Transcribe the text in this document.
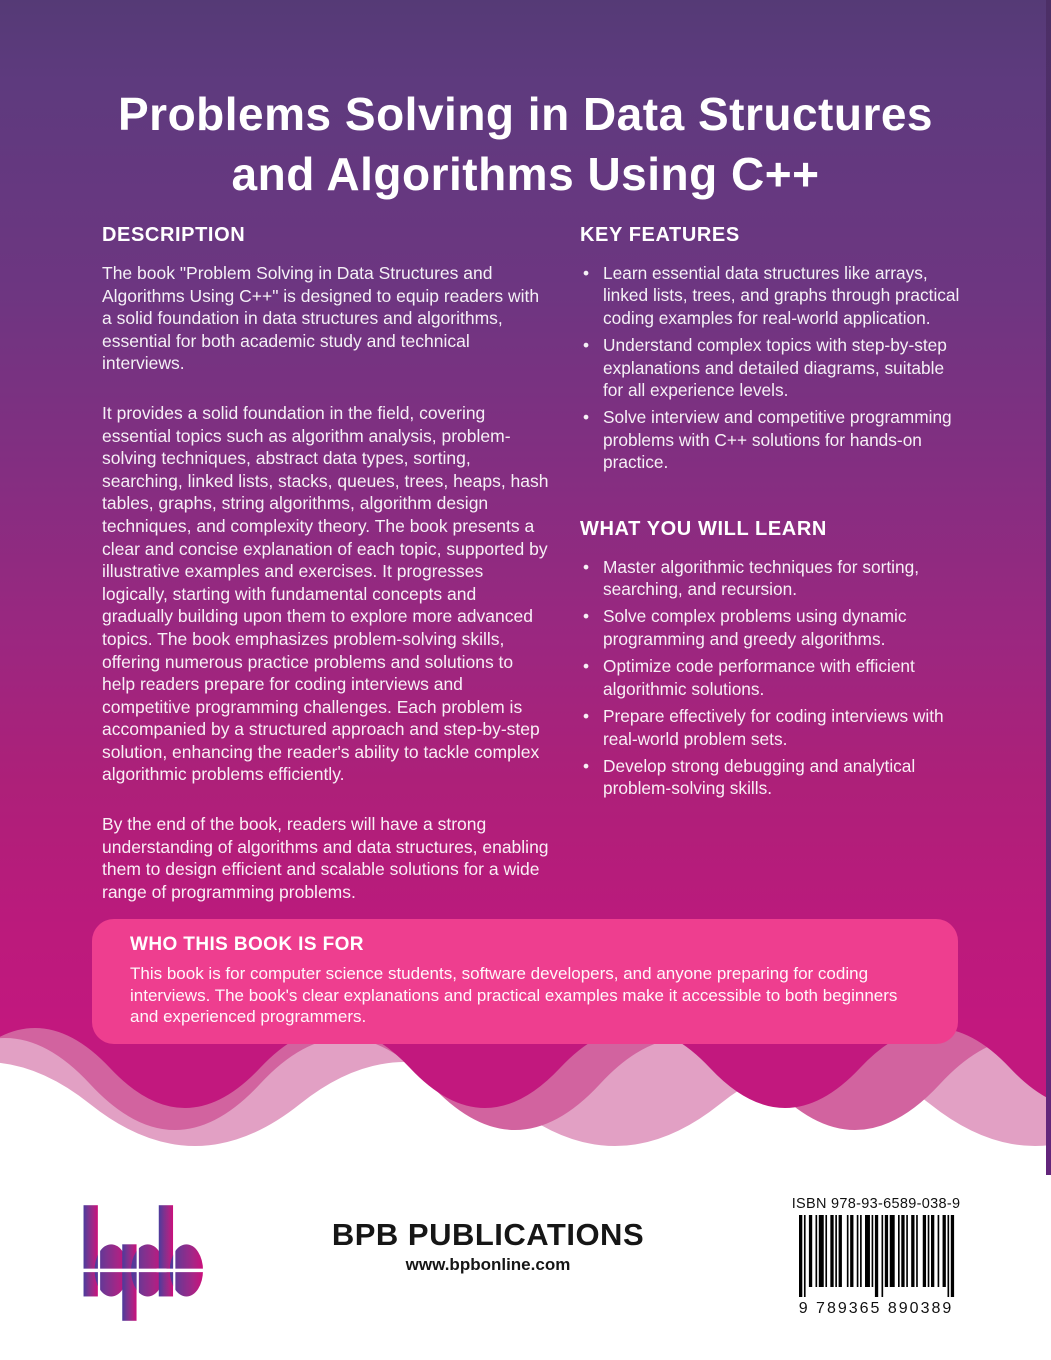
Problems Solving in Data Structures
and Algorithms Using C++
DESCRIPTION

The book "Problem Solving in Data Structures and Algorithms Using C++" is designed to equip readers with a solid foundation in data structures and algorithms, essential for both academic study and technical interviews.

It provides a solid foundation in the field, covering essential topics such as algorithm analysis, problem-solving techniques, abstract data types, sorting, searching, linked lists, stacks, queues, trees, heaps, hash tables, graphs, string algorithms, algorithm design techniques, and complexity theory. The book presents a clear and concise explanation of each topic, supported by illustrative examples and exercises. It progresses logically, starting with fundamental concepts and gradually building upon them to explore more advanced topics. The book emphasizes problem-solving skills, offering numerous practice problems and solutions to help readers prepare for coding interviews and competitive programming challenges. Each problem is accompanied by a structured approach and step-by-step solution, enhancing the reader's ability to tackle complex algorithmic problems efficiently.

By the end of the book, readers will have a strong understanding of algorithms and data structures, enabling them to design efficient and scalable solutions for a wide range of programming problems.

KEY FEATURES
• Learn essential data structures like arrays, linked lists, trees, and graphs through practical coding examples for real-world application.
• Understand complex topics with step-by-step explanations and detailed diagrams, suitable for all experience levels.
• Solve interview and competitive programming problems with C++ solutions for hands-on practice.
WHAT YOU WILL LEARN
• Master algorithmic techniques for sorting, searching, and recursion.
• Solve complex problems using dynamic programming and greedy algorithms.
• Optimize code performance with efficient algorithmic solutions.
• Prepare effectively for coding interviews with real-world problem sets.
• Develop strong debugging and analytical problem-solving skills.
WHO THIS BOOK IS FOR

This book is for computer science students, software developers, and anyone preparing for coding interviews. The book's clear explanations and practical examples make it accessible to both beginners and experienced programmers.

BPB PUBLICATIONS
www.bpbonline.com
ISBN 978-93-6589-038-9
9 789365 890389
